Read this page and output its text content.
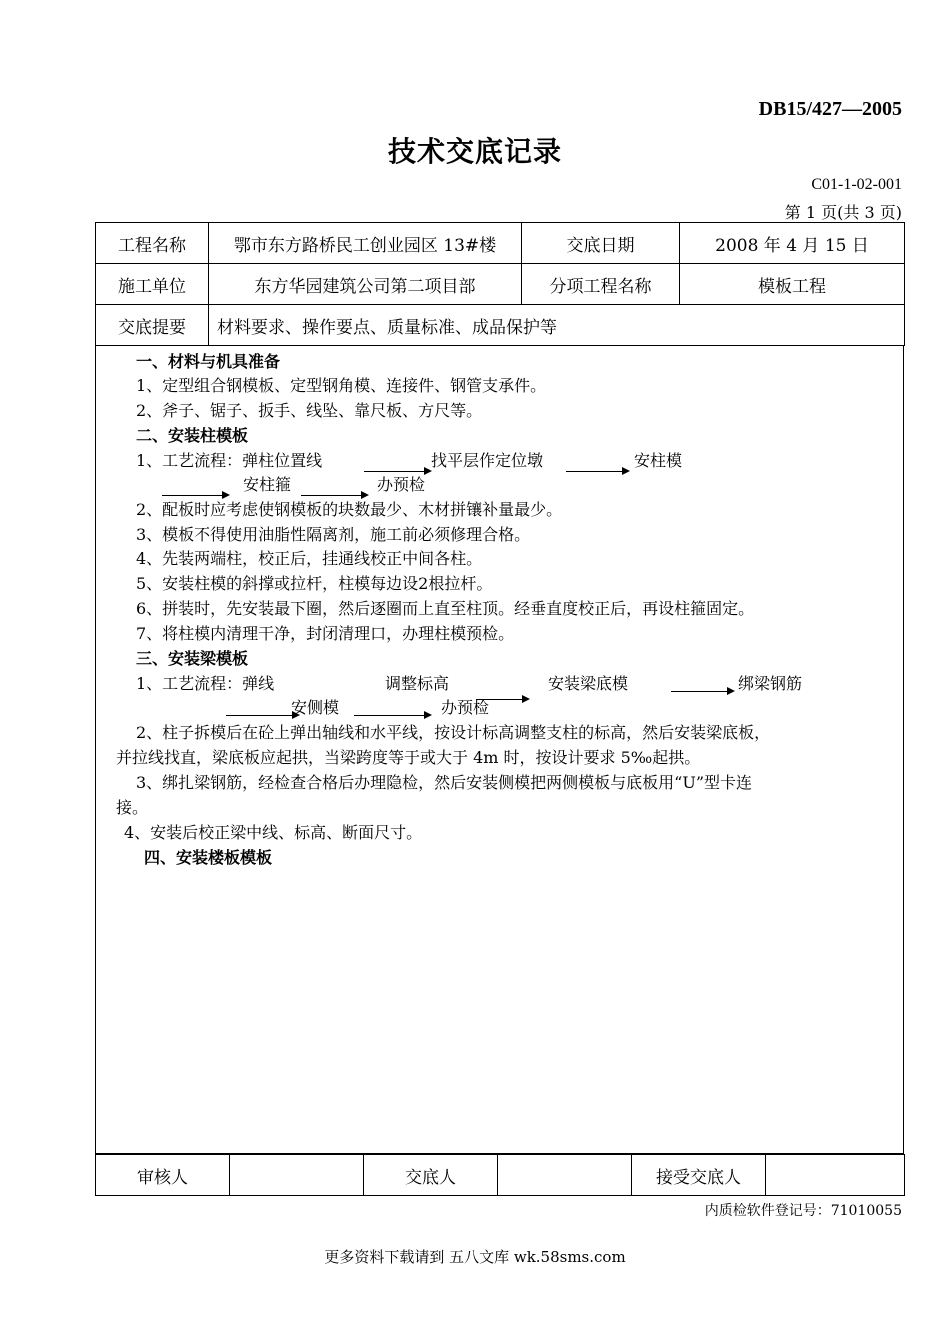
DB15/427—2005
技术交底记录
C01-1-02-001
第 1 页(共 3 页)
工程名称	鄂市东方路桥民工创业园区 13#楼	交底日期	2008 年 4 月 15 日
施工单位	东方华园建筑公司第二项目部	分项工程名称	模板工程
交底提要	材料要求、操作要点、质量标准、成品保护等		
一、材料与机具准备
1、定型组合钢模板、定型钢角模、连接件、钢管支承件。
2、斧子、锯子、扳手、线坠、靠尺板、方尺等。
二、安装柱模板
1、工艺流程：弹柱位置线	找平层作定位墩	安柱模
安柱箍	办预检
2、配板时应考虑使钢模板的块数最少、木材拼镶补量最少。
3、模板不得使用油脂性隔离剂，施工前必须修理合格。
4、先装两端柱，校正后，挂通线校正中间各柱。
5、安装柱模的斜撑或拉杆，柱模每边设2根拉杆。
6、拼装时，先安装最下圈，然后逐圈而上直至柱顶。经垂直度校正后，再设柱箍固定。
7、将柱模内清理干净，封闭清理口，办理柱模预检。
三、安装梁模板
1、工艺流程：弹线	调整标高	安装梁底模	绑梁钢筋
安侧模	办预检
2、柱子拆模后在砼上弹出轴线和水平线，按设计标高调整支柱的标高，然后安装梁底板，
并拉线找直，梁底板应起拱，当梁跨度等于或大于 4m 时，按设计要求 5‰起拱。
3、绑扎梁钢筋，经检查合格后办理隐检，然后安装侧模把两侧模板与底板用“U”型卡连
接。
4、安装后校正梁中线、标高、断面尺寸。
四、安装楼板模板
审核人		交底人		接受交底人	
内质检软件登记号：71010055
更多资料下载请到 五八文库 wk.58sms.com
